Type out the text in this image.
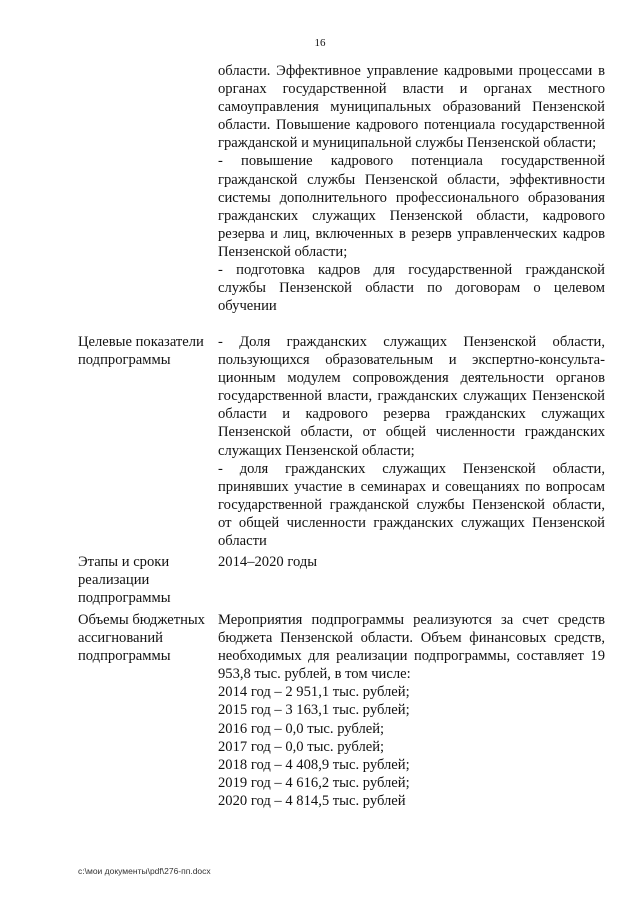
16

области. Эффективное управление кадровыми процессами в органах государственной власти и органах местного самоуправления муниципальных образований Пензенской области. Повышение кадрового потенциала государственной гражданской и муниципальной службы Пензенской области;

- повышение кадрового потенциала государственной гражданской службы Пензенской области, эффективности системы дополнительного профессионального образования гражданских служащих Пензенской области, кадрового резерва и лиц, включенных в резерв управленческих кадров Пензенской области;

- подготовка кадров для государственной гражданской службы Пензенской области по договорам о целевом обучении

Целевые показатели подпрограммы

- Доля гражданских служащих Пензенской области, пользующихся образовательным и экспертно-консультационным модулем сопровождения деятельности органов государственной власти, гражданских служащих Пензенской области и кадрового резерва гражданских служащих Пензенской области, от общей численности гражданских служащих Пензенской области;

- доля гражданских служащих Пензенской области, принявших участие в семинарах и совещаниях по вопросам государственной гражданской службы Пензенской области, от общей численности гражданских служащих Пензенской области

Этапы и сроки реализации подпрограммы

2014–2020 годы

Объемы бюджетных ассигнований подпрограммы

Мероприятия подпрограммы реализуются за счет средств бюджета Пензенской области. Объем финансовых средств, необходимых для реализации подпрограммы, составляет 19 953,8 тыс. рублей, в том числе:

2014 год – 2 951,1 тыс. рублей;

2015 год – 3 163,1 тыс. рублей;

2016 год – 0,0 тыс. рублей;

2017 год – 0,0 тыс. рублей;

2018 год – 4 408,9 тыс. рублей;

2019 год – 4 616,2 тыс. рублей;

2020 год – 4 814,5 тыс. рублей

c:\мои документы\pdf\276-пп.docx
